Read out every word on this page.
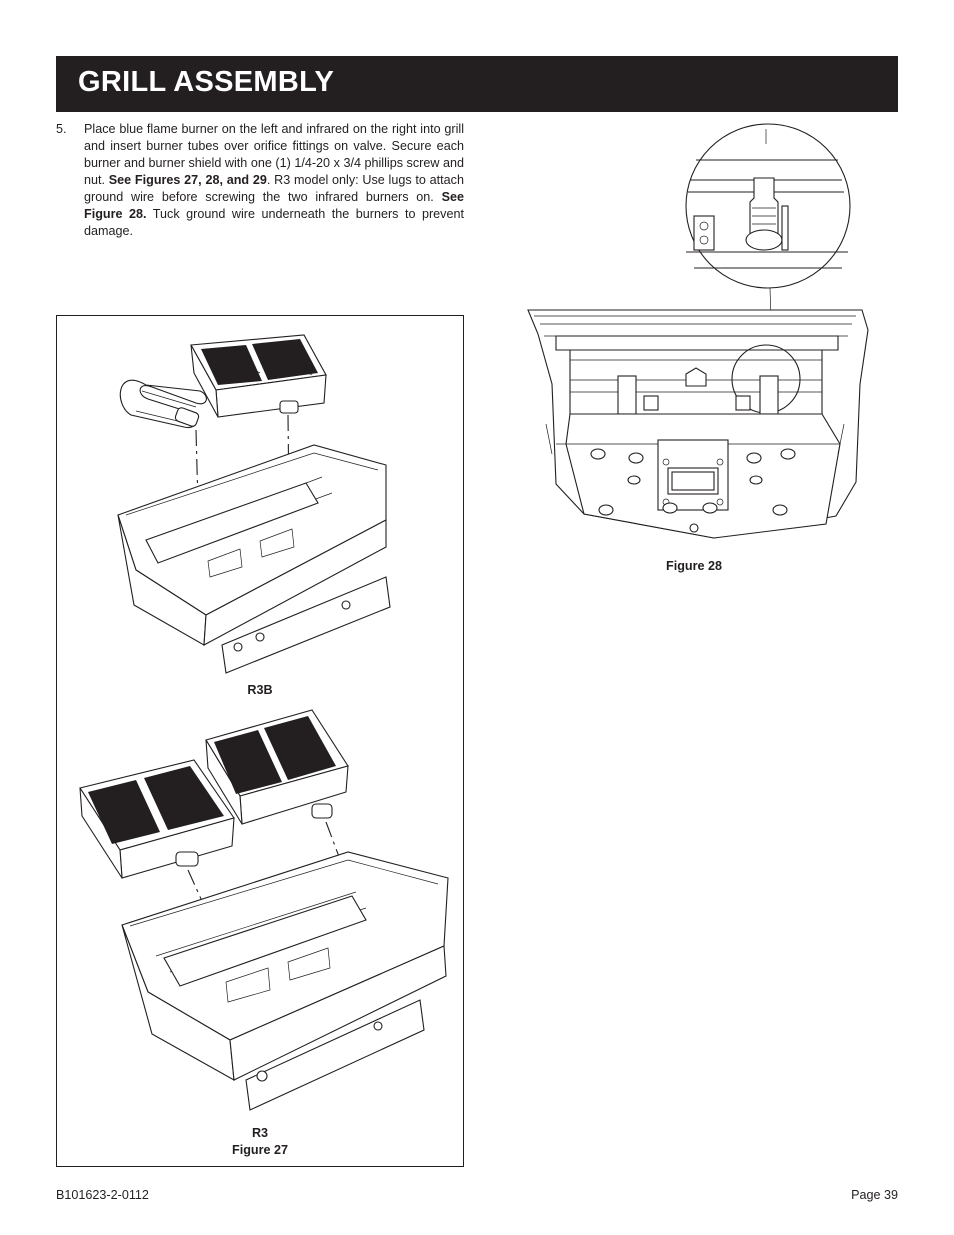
GRILL ASSEMBLY
5.	Place blue flame burner on the left and infrared on the right into grill and insert burner tubes over orifice fittings on valve. Secure each burner and burner shield with one (1) 1/4-20 x 3/4 phillips screw and nut. See Figures 27, 28, and 29. R3 model only: Use lugs to attach ground wire before screwing the two infrared burners on. See Figure 28. Tuck ground wire underneath the burners to prevent damage.
R3B
R3
Figure 27
Figure 28
B101623-2-0112	Page 39
